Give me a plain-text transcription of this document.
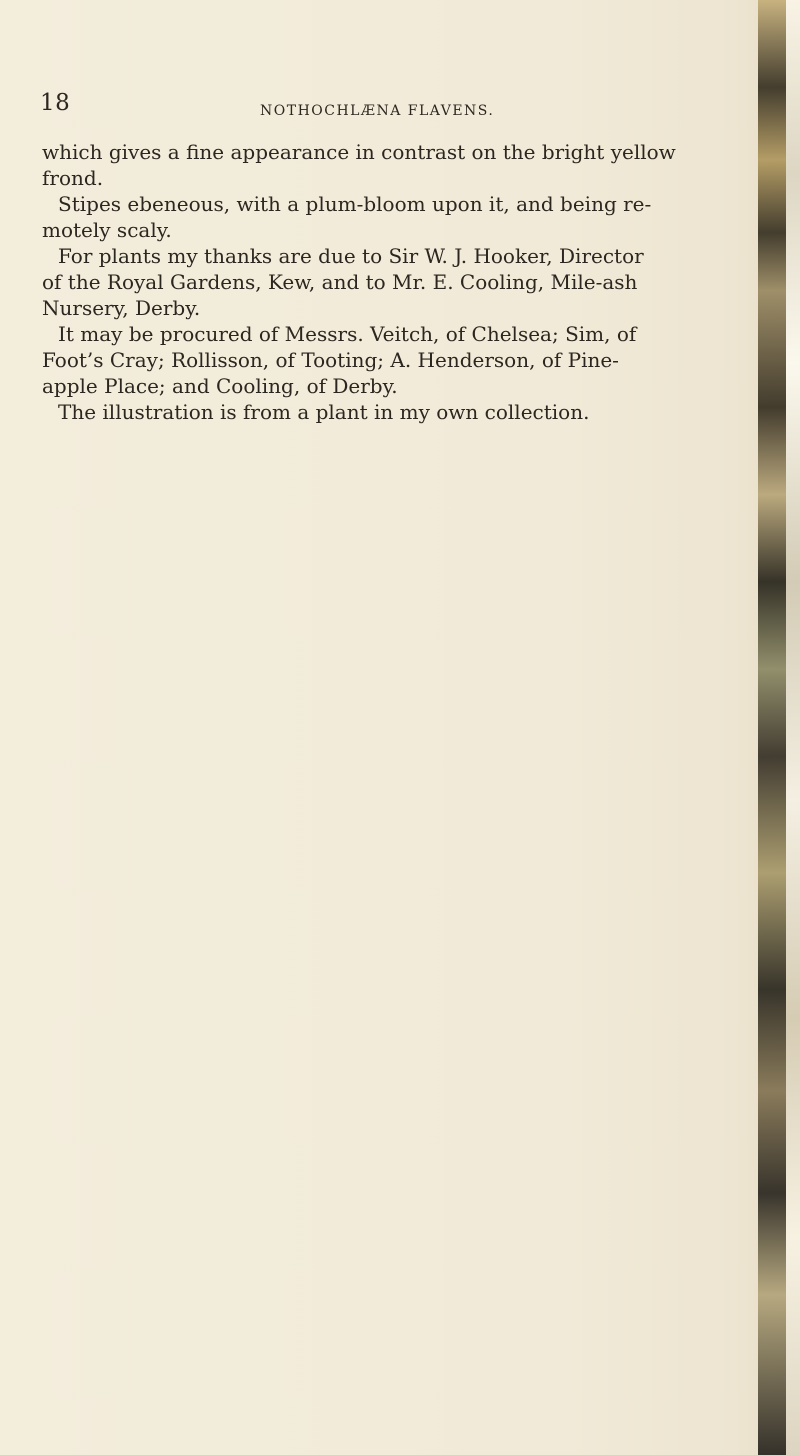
18	NOTHOCHLÆNA FLAVENS.
which gives a fine appearance in contrast on the bright yellow
frond.
Stipes ebeneous, with a plum-bloom upon it, and being re-
motely scaly.
For plants my thanks are due to Sir W. J. Hooker, Director
of the Royal Gardens, Kew, and to Mr. E. Cooling, Mile-ash
Nursery, Derby.
It may be procured of Messrs. Veitch, of Chelsea; Sim, of
Foot’s Cray; Rollisson, of Tooting; A. Henderson, of Pine-
apple Place; and Cooling, of Derby.
The illustration is from a plant in my own collection.
